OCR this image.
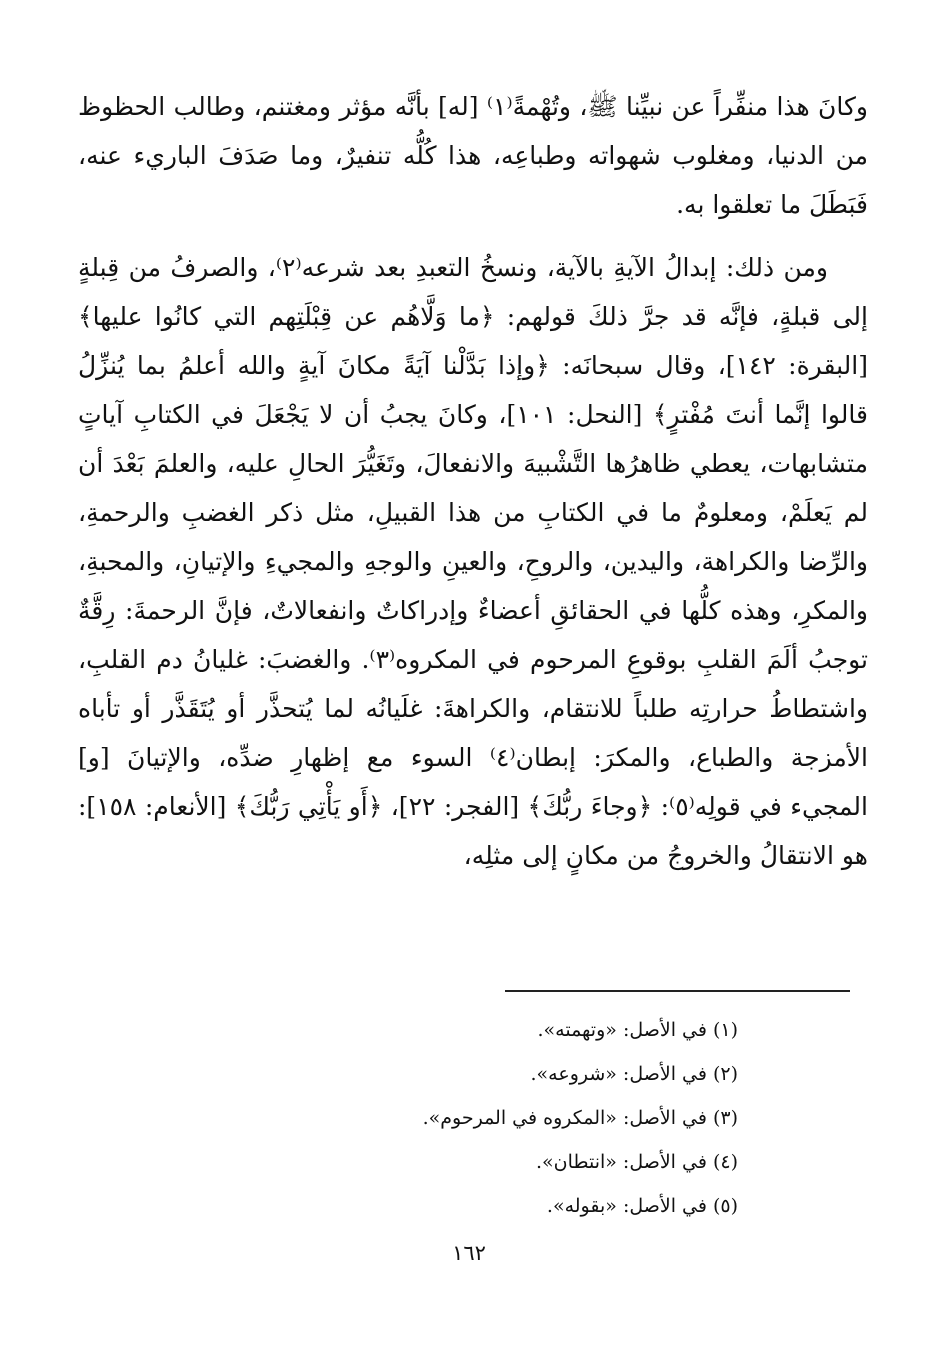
وكانَ هذا منفِّراً عن نبيِّنا ﷺ، وتُهْمةً⁽١⁾ [له] بأنَّه مؤثر ومغتنم، وطالب الحظوظ من الدنيا، ومغلوب شهواته وطباعِه، هذا كُلُّه تنفيرٌ، وما صَدَفَ الباريء عنه، فَبَطَلَ ما تعلقوا به.

ومن ذلك: إبدالُ الآيةِ بالآية، ونسخُ التعبدِ بعد شرعه⁽٢⁾، والصرفُ من قِبلةٍ إلى قبلةٍ، فإنَّه قد جرَّ ذلكَ قولهم: ﴿ما وَلَّاهُم عن قِبْلَتِهم التي كانُوا عليها﴾ [البقرة: ١٤٢]، وقال سبحانَه: ﴿وإذا بَدَّلْنا آيَةً مكانَ آيةٍ والله أعلمُ بما يُنزِّلُ قالوا إنَّما أنتَ مُفْترٍ﴾ [النحل: ١٠١]، وكانَ يجبُ أن لا يَجْعَلَ في الكتابِ آياتٍ متشابهات، يعطي ظاهرُها التَّشْبيهَ والانفعالَ، وتَغَيُّرَ الحالِ عليه، والعلمَ بَعْدَ أن لم يَعلَمْ، ومعلومٌ ما في الكتابِ من هذا القبيلِ، مثل ذكر الغضبِ والرحمةِ، والرِّضا والكراهة، واليدين، والروحِ، والعينِ والوجهِ والمجيءِ والإتيانِ، والمحبةِ، والمكرِ، وهذه كلُّها في الحقائقِ أعضاءٌ وإدراكاتٌ وانفعالاتٌ، فإنَّ الرحمةَ: رِقَّةٌ توجبُ ألَمَ القلبِ بوقوعِ المرحوم في المكروه⁽٣⁾. والغضبَ: غليانُ دم القلبِ، واشتطاطُ حرارتِه طلباً للانتقام، والكراهةَ: غلَيانُه لما يُتحذَّر أو يُتَقَذَّر أو تأباه الأمزجة والطباع، والمكرَ: إبطان⁽٤⁾ السوء مع إظهارِ ضدِّه، والإتيانَ [و] المجيء في قولِه⁽٥⁾: ﴿وجاءَ ربُّكَ﴾ [الفجر: ٢٢]، ﴿أَو يَأْتِي رَبُّكَ﴾ [الأنعام: ١٥٨]: هو الانتقالُ والخروجُ من مكانٍ إلى مثلِه،

(١)في الأصل: «وتهمته».
(٢)في الأصل: «شروعه».
(٣)في الأصل: «المكروه في المرحوم».
(٤)في الأصل: «انتطان».
(٥)في الأصل: «بقوله».
١٦٢
